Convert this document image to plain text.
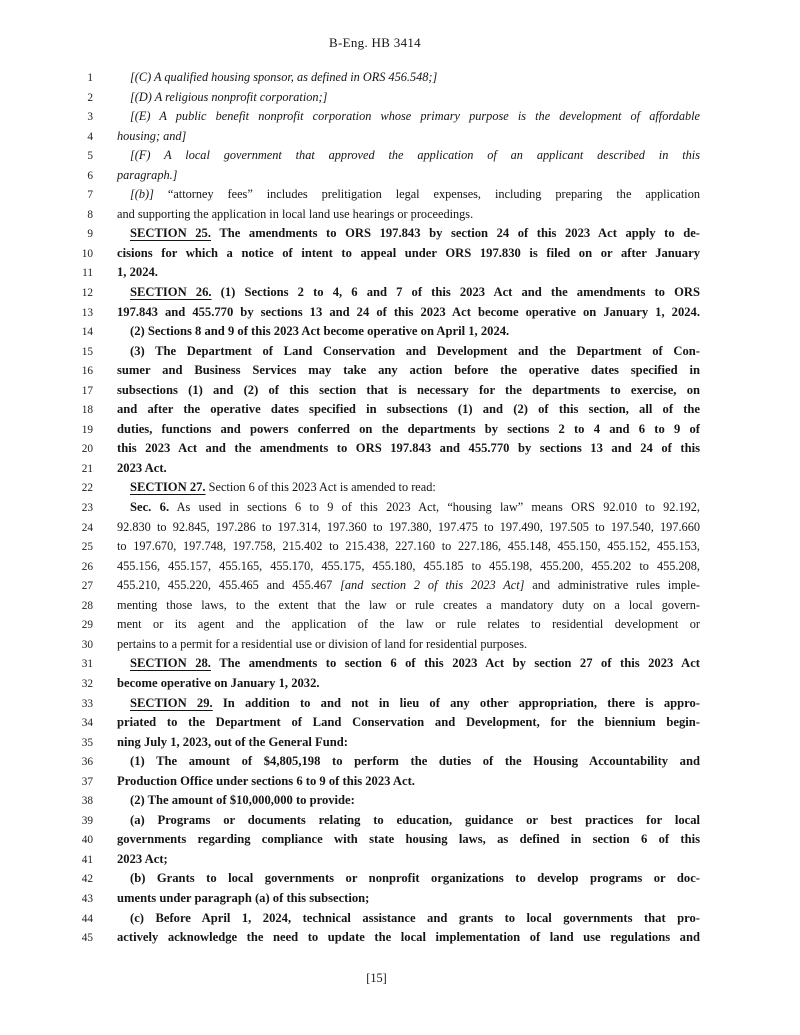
B-Eng. HB 3414
1	[(C) A qualified housing sponsor, as defined in ORS 456.548;]
2	[(D) A religious nonprofit corporation;]
3	[(E) A public benefit nonprofit corporation whose primary purpose is the development of affordable
4 housing; and]
5	[(F) A local government that approved the application of an applicant described in this
6 paragraph.]
7	[(b)] “attorney fees” includes prelitigation legal expenses, including preparing the application
8 and supporting the application in local land use hearings or proceedings.
9	SECTION 25. The amendments to ORS 197.843 by section 24 of this 2023 Act apply to de-
10 cisions for which a notice of intent to appeal under ORS 197.830 is filed on or after January
11 1, 2024.
12	SECTION 26. (1) Sections 2 to 4, 6 and 7 of this 2023 Act and the amendments to ORS
13 197.843 and 455.770 by sections 13 and 24 of this 2023 Act become operative on January 1, 2024.
14	(2) Sections 8 and 9 of this 2023 Act become operative on April 1, 2024.
15	(3) The Department of Land Conservation and Development and the Department of Con-
16 sumer and Business Services may take any action before the operative dates specified in
17 subsections (1) and (2) of this section that is necessary for the departments to exercise, on
18 and after the operative dates specified in subsections (1) and (2) of this section, all of the
19 duties, functions and powers conferred on the departments by sections 2 to 4 and 6 to 9 of
20 this 2023 Act and the amendments to ORS 197.843 and 455.770 by sections 13 and 24 of this
21 2023 Act.
22	SECTION 27. Section 6 of this 2023 Act is amended to read:
23	Sec. 6. As used in sections 6 to 9 of this 2023 Act, “housing law” means ORS 92.010 to 92.192,
24 92.830 to 92.845, 197.286 to 197.314, 197.360 to 197.380, 197.475 to 197.490, 197.505 to 197.540, 197.660
25 to 197.670, 197.748, 197.758, 215.402 to 215.438, 227.160 to 227.186, 455.148, 455.150, 455.152, 455.153,
26 455.156, 455.157, 455.165, 455.170, 455.175, 455.180, 455.185 to 455.198, 455.200, 455.202 to 455.208,
27 455.210, 455.220, 455.465 and 455.467 [and section 2 of this 2023 Act] and administrative rules imple-
28 menting those laws, to the extent that the law or rule creates a mandatory duty on a local govern-
29 ment or its agent and the application of the law or rule relates to residential development or
30 pertains to a permit for a residential use or division of land for residential purposes.
31	SECTION 28. The amendments to section 6 of this 2023 Act by section 27 of this 2023 Act
32 become operative on January 1, 2032.
33	SECTION 29. In addition to and not in lieu of any other appropriation, there is appro-
34 priated to the Department of Land Conservation and Development, for the biennium begin-
35 ning July 1, 2023, out of the General Fund:
36	(1) The amount of $4,805,198 to perform the duties of the Housing Accountability and
37 Production Office under sections 6 to 9 of this 2023 Act.
38	(2) The amount of $10,000,000 to provide:
39	(a) Programs or documents relating to education, guidance or best practices for local
40 governments regarding compliance with state housing laws, as defined in section 6 of this
41 2023 Act;
42	(b) Grants to local governments or nonprofit organizations to develop programs or doc-
43 uments under paragraph (a) of this subsection;
44	(c) Before April 1, 2024, technical assistance and grants to local governments that pro-
45 actively acknowledge the need to update the local implementation of land use regulations and
[15]
